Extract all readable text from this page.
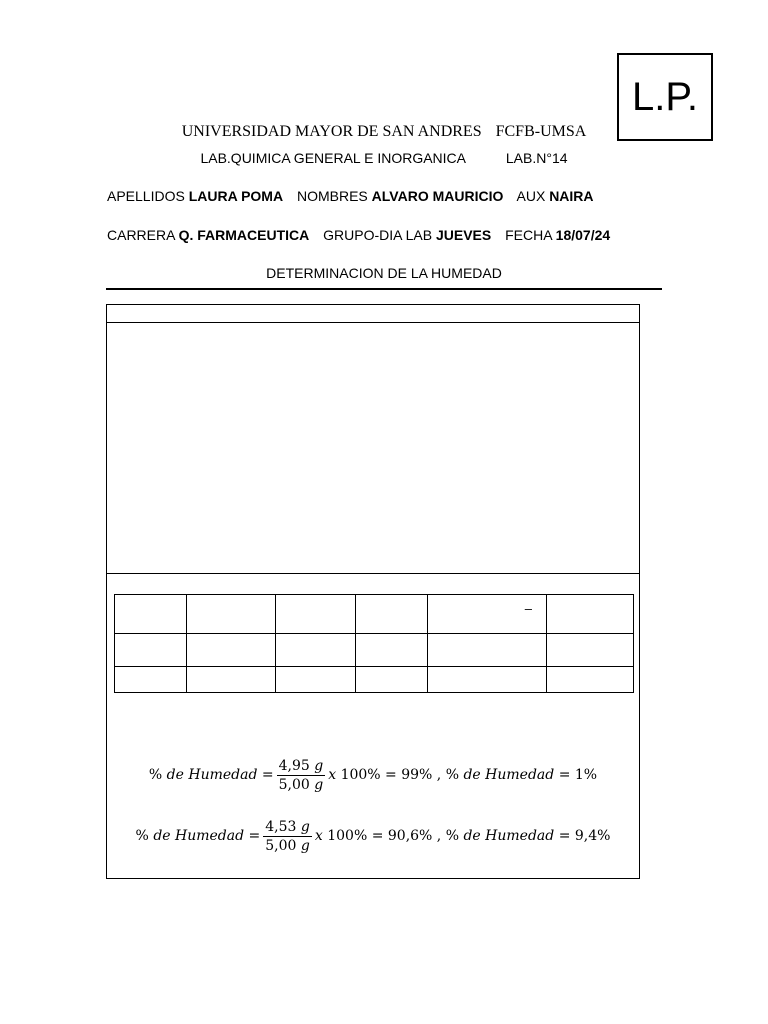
L.P.
UNIVERSIDAD MAYOR DE SAN ANDRES FCFB-UMSA
LAB.QUIMICA GENERAL E INORGANICA	LAB.N°14
APELLIDOS LAURA POMA NOMBRES ALVARO MAURICIO AUX NAIRA
CARRERA Q. FARMACEUTICA GRUPO-DIA LAB JUEVES FECHA 18/07/24
DETERMINACION DE LA HUMEDAD

				–	

%
de Humedad
= $\frac{4,95 g}{5,00 g}$ x
100% = 99% ,
%
de Humedad
=
1%
%
de Humedad
= $\frac{4,53 g}{5,00 g}$ x
100% = 90,6% ,
%
de Humedad
=
9,4%
